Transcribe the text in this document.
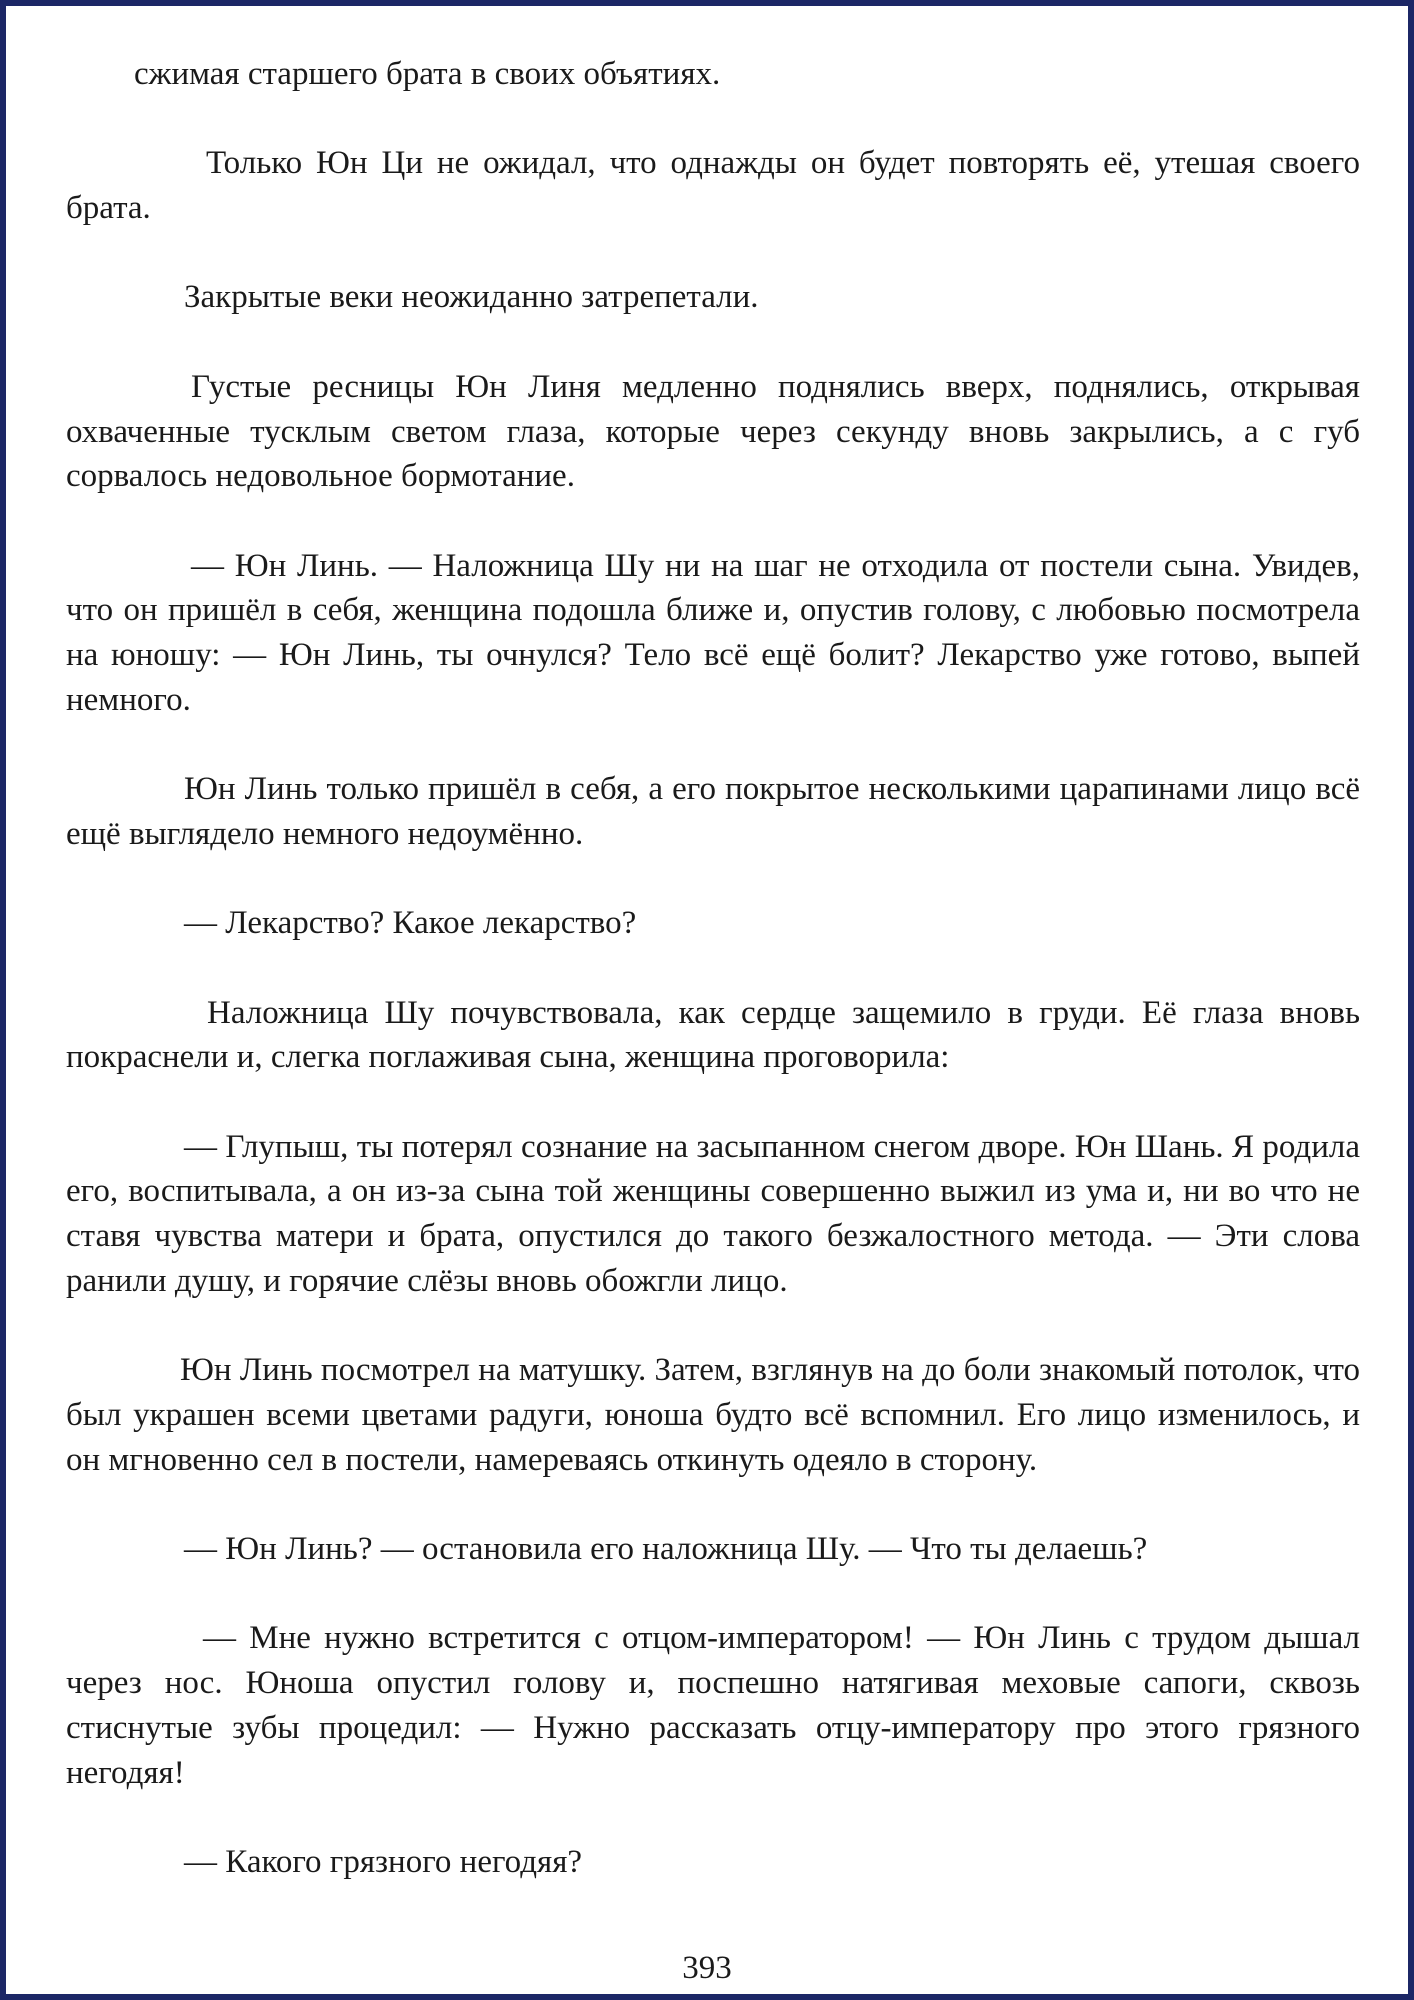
сжимая старшего брата в своих объятиях.

Только Юн Ци не ожидал, что однажды он будет повторять её, утешая своего брата.

Закрытые веки неожиданно затрепетали.

Густые ресницы Юн Линя медленно поднялись вверх, поднялись, открывая охваченные тусклым светом глаза, которые через секунду вновь закрылись, а с губ сорвалось недовольное бормотание.

— Юн Линь. — Наложница Шу ни на шаг не отходила от постели сына. Увидев, что он пришёл в себя, женщина подошла ближе и, опустив голову, с любовью посмотрела на юношу: — Юн Линь, ты очнулся? Тело всё ещё болит? Лекарство уже готово, выпей немного.

Юн Линь только пришёл в себя, а его покрытое несколькими царапинами лицо всё ещё выглядело немного недоумённо.

— Лекарство? Какое лекарство?

Наложница Шу почувствовала, как сердце защемило в груди. Её глаза вновь покраснели и, слегка поглаживая сына, женщина проговорила:

— Глупыш, ты потерял сознание на засыпанном снегом дворе. Юн Шань. Я родила его, воспитывала, а он из-за сына той женщины совершенно выжил из ума и, ни во что не ставя чувства матери и брата, опустился до такого безжалостного метода. — Эти слова ранили душу, и горячие слёзы вновь обожгли лицо.

Юн Линь посмотрел на матушку. Затем, взглянув на до боли знакомый потолок, что был украшен всеми цветами радуги, юноша будто всё вспомнил. Его лицо изменилось, и он мгновенно сел в постели, намереваясь откинуть одеяло в сторону.

— Юн Линь? — остановила его наложница Шу. — Что ты делаешь?

— Мне нужно встретится с отцом-императором! — Юн Линь с трудом дышал через нос. Юноша опустил голову и, поспешно натягивая меховые сапоги, сквозь стиснутые зубы процедил: — Нужно рассказать отцу-императору про этого грязного негодяя!

— Какого грязного негодяя?

393
